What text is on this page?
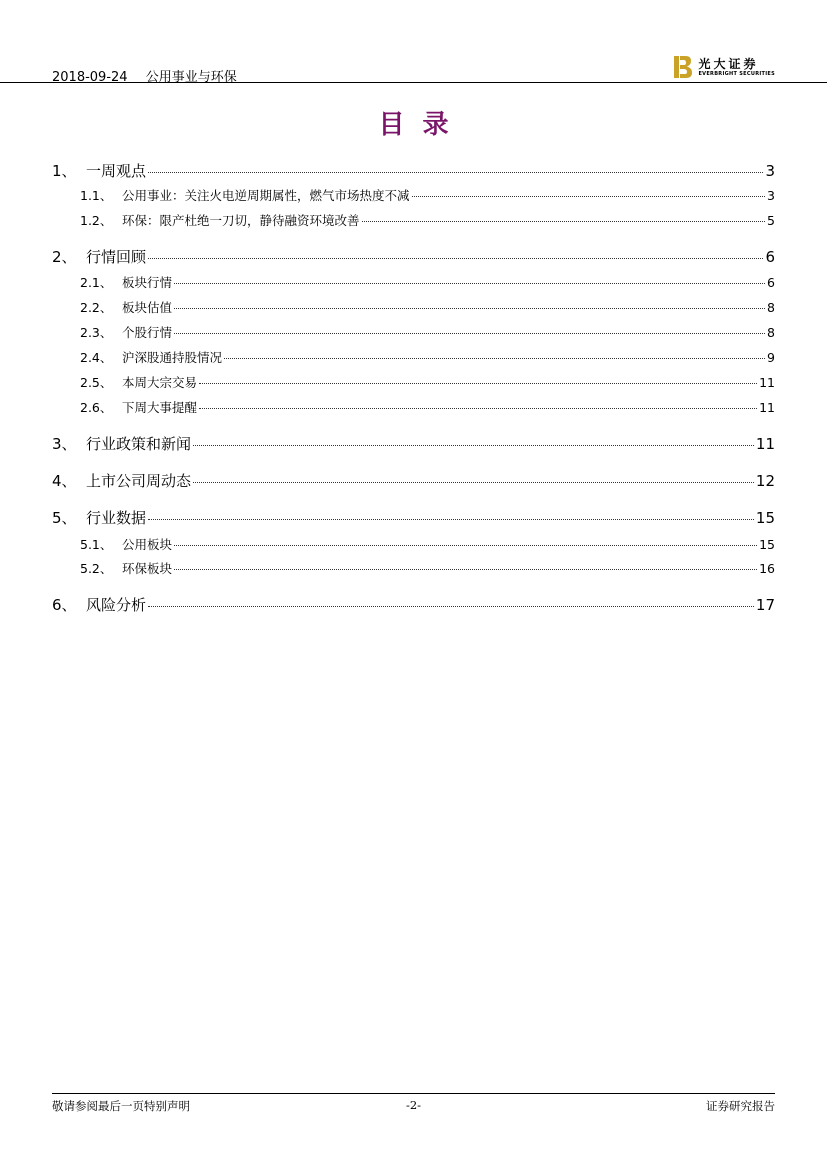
2018-09-24 公用事业与环保
光大证券
EVERBRIGHT SECURITIES
目录
1、 一周观点	3
1.1、 公用事业：关注火电逆周期属性，燃气市场热度不减	3
1.2、 环保：限产杜绝一刀切，静待融资环境改善	5
2、 行情回顾	6
2.1、 板块行情	6
2.2、 板块估值	8
2.3、 个股行情	8
2.4、 沪深股通持股情况	9
2.5、 本周大宗交易	11
2.6、 下周大事提醒	11
3、 行业政策和新闻	11
4、 上市公司周动态	12
5、 行业数据	15
5.1、 公用板块	15
5.2、 环保板块	16
6、 风险分析	17
敬请参阅最后一页特别声明	-2-	证券研究报告
